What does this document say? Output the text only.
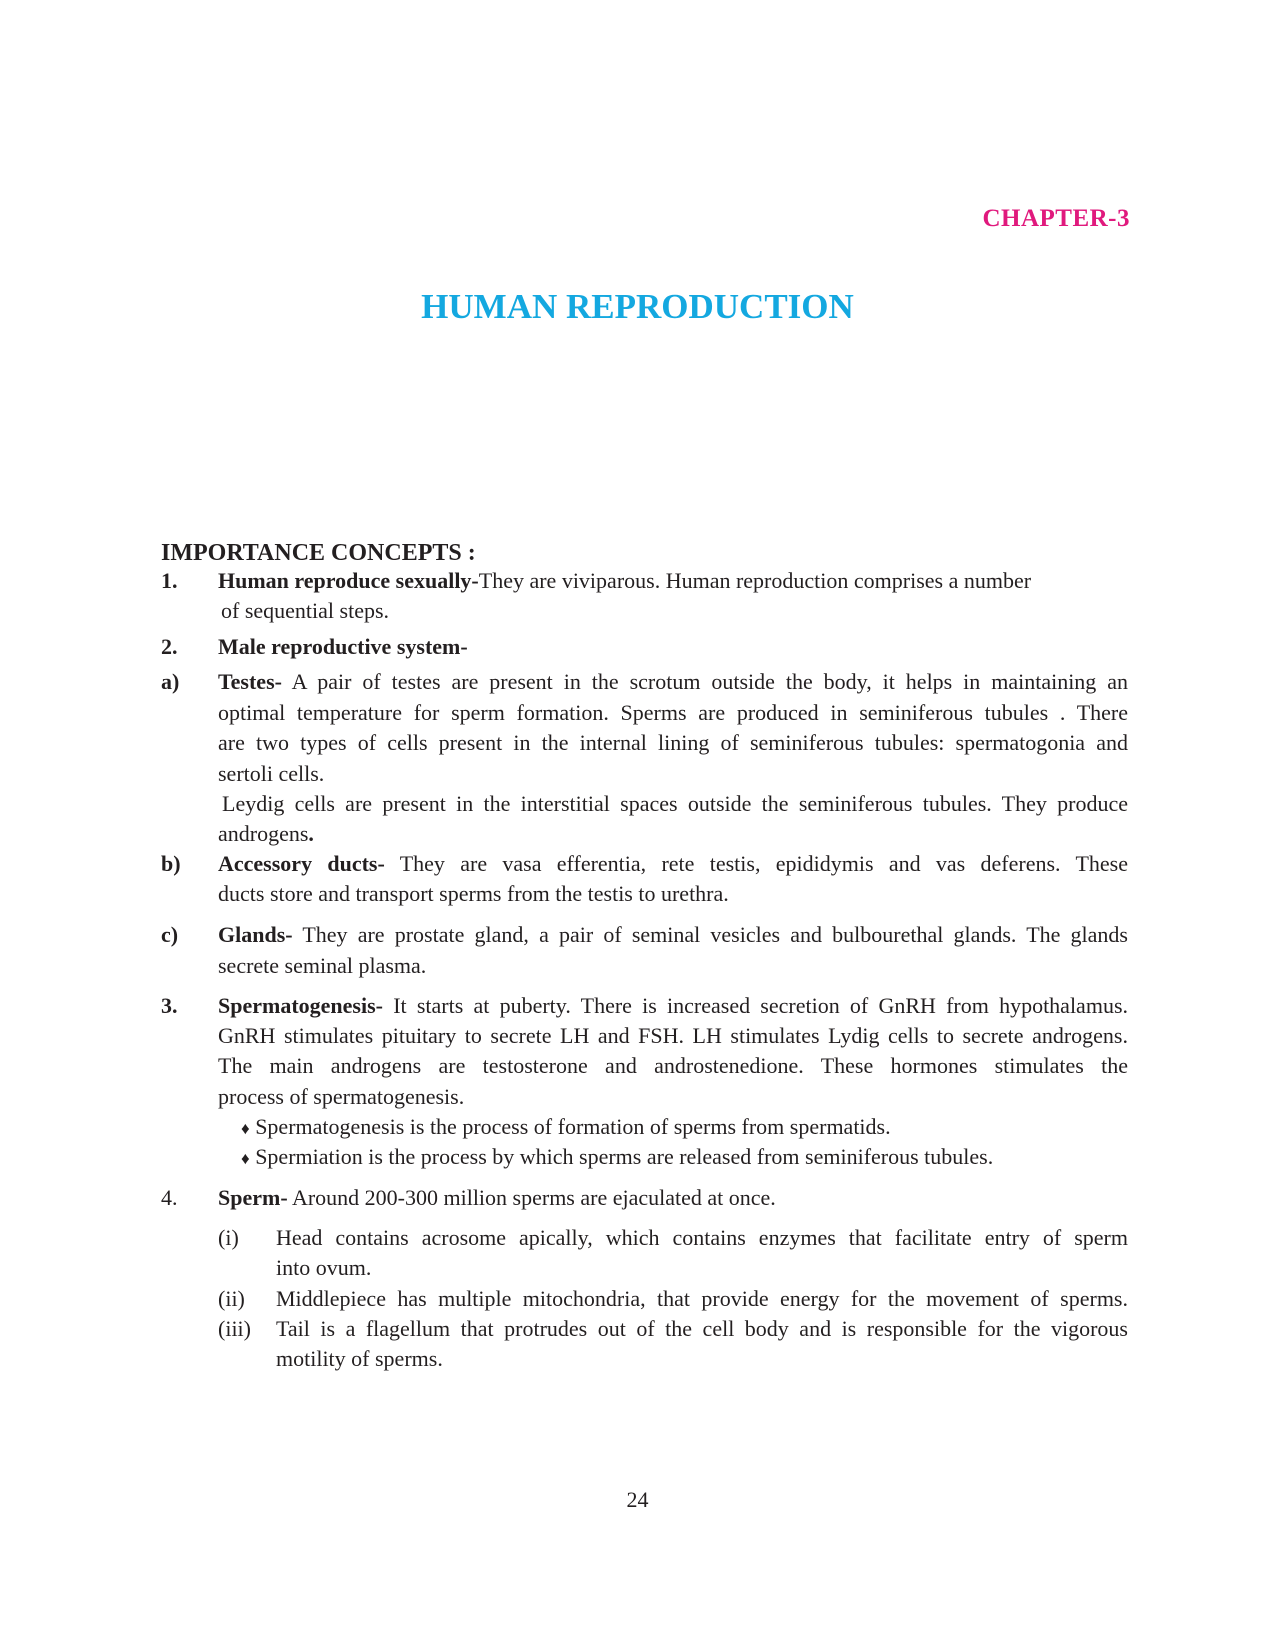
CHAPTER-3
HUMAN REPRODUCTION
IMPORTANCE CONCEPTS :
1. Human reproduce sexually-They are viviparous. Human reproduction comprises a number
of sequential steps.
2. Male reproductive system-
a) Testes- A pair of testes are present in the scrotum outside the body, it helps in maintaining an
optimal temperature for sperm formation. Sperms are produced in seminiferous tubules . There
are two types of cells present in the internal lining of seminiferous tubules: spermatogonia and
sertoli cells.
Leydig cells are present in the interstitial spaces outside the seminiferous tubules. They produce
androgens.
b) Accessory ducts- They are vasa efferentia, rete testis, epididymis and vas deferens. These
ducts store and transport sperms from the testis to urethra.
c) Glands- They are prostate gland, a pair of seminal vesicles and bulbourethal glands. The glands
secrete seminal plasma.
3. Spermatogenesis- It starts at puberty. There is increased secretion of GnRH from hypothalamus.
GnRH stimulates pituitary to secrete LH and FSH. LH stimulates Lydig cells to secrete androgens.
The main androgens are testosterone and androstenedione. These hormones stimulates the
process of spermatogenesis.
♦ Spermatogenesis is the process of formation of sperms from spermatids.
♦ Spermiation is the process by which sperms are released from seminiferous tubules.
4. Sperm- Around 200-300 million sperms are ejaculated at once.
(i) Head contains acrosome apically, which contains enzymes that facilitate entry of sperm
into ovum.
(ii) Middlepiece has multiple mitochondria, that provide energy for the movement of sperms.
(iii) Tail is a flagellum that protrudes out of the cell body and is responsible for the vigorous
motility of sperms.
24
